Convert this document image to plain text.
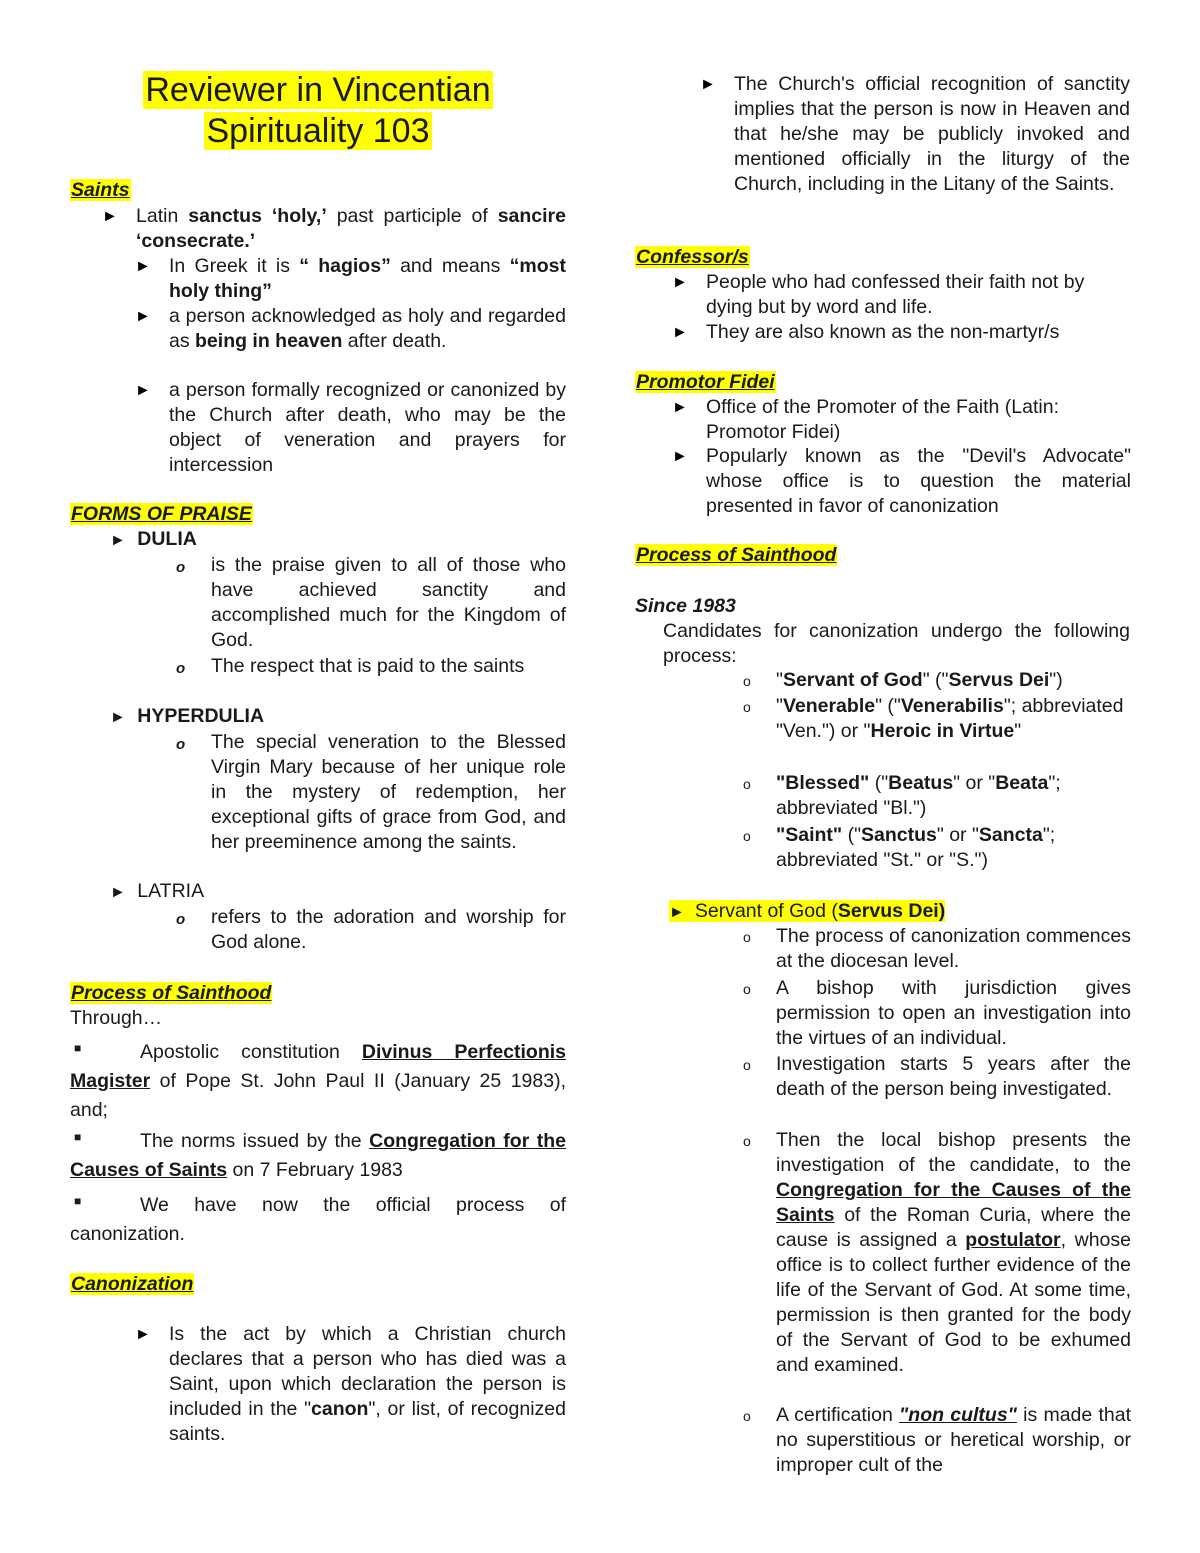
Reviewer in Vincentian
Spirituality 103
Saints
► Latin sanctus ‘holy,’ past participle of sancire ‘consecrate.’
► In Greek it is “ hagios” and means “most holy thing”
► a person acknowledged as holy and regarded as being in heaven after death.
► a person formally recognized or canonized by the Church after death, who may be the object of veneration and prayers for intercession
FORMS OF PRAISE
► DULIA
o is the praise given to all of those who have achieved sanctity and accomplished much for the Kingdom of God.
o The respect that is paid to the saints
► HYPERDULIA
o The special veneration to the Blessed Virgin Mary because of her unique role in the mystery of redemption, her exceptional gifts of grace from God, and her preeminence among the saints.
► LATRIA
o refers to the adoration and worship for God alone.
Process of Sainthood
Through…
■	Apostolic constitution Divinus Perfectionis Magister of Pope St. John Paul II (January 25 1983), and;
■	The norms issued by the Congregation for the Causes of Saints on 7 February 1983
■	We have now the official process of canonization.
Canonization
► Is the act by which a Christian church declares that a person who has died was a Saint, upon which declaration the person is included in the "canon", or list, of recognized saints.
► The Church's official recognition of sanctity implies that the person is now in Heaven and that he/she may be publicly invoked and mentioned officially in the liturgy of the Church, including in the Litany of the Saints.
Confessor/s
► People who had confessed their faith not by dying but by word and life.
► They are also known as the non-martyr/s
Promotor Fidei
► Office of the Promoter of the Faith (Latin: Promotor Fidei)
► Popularly known as the "Devil's Advocate" whose office is to question the material presented in favor of canonization
Process of Sainthood
Since 1983
Candidates for canonization undergo the following process:
o "Servant of God" ("Servus Dei")
o "Venerable" ("Venerabilis"; abbreviated "Ven.") or "Heroic in Virtue"
o "Blessed" ("Beatus" or "Beata"; abbreviated "Bl.")
o "Saint" ("Sanctus" or "Sancta"; abbreviated "St." or "S.")
► Servant of God (Servus Dei)
o The process of canonization commences at the diocesan level.
o A bishop with jurisdiction gives permission to open an investigation into the virtues of an individual.
o Investigation starts 5 years after the death of the person being investigated.
o Then the local bishop presents the investigation of the candidate, to the Congregation for the Causes of the Saints of the Roman Curia, where the cause is assigned a postulator, whose office is to collect further evidence of the life of the Servant of God. At some time, permission is then granted for the body of the Servant of God to be exhumed and examined.
o A certification "non cultus" is made that no superstitious or heretical worship, or improper cult of the
